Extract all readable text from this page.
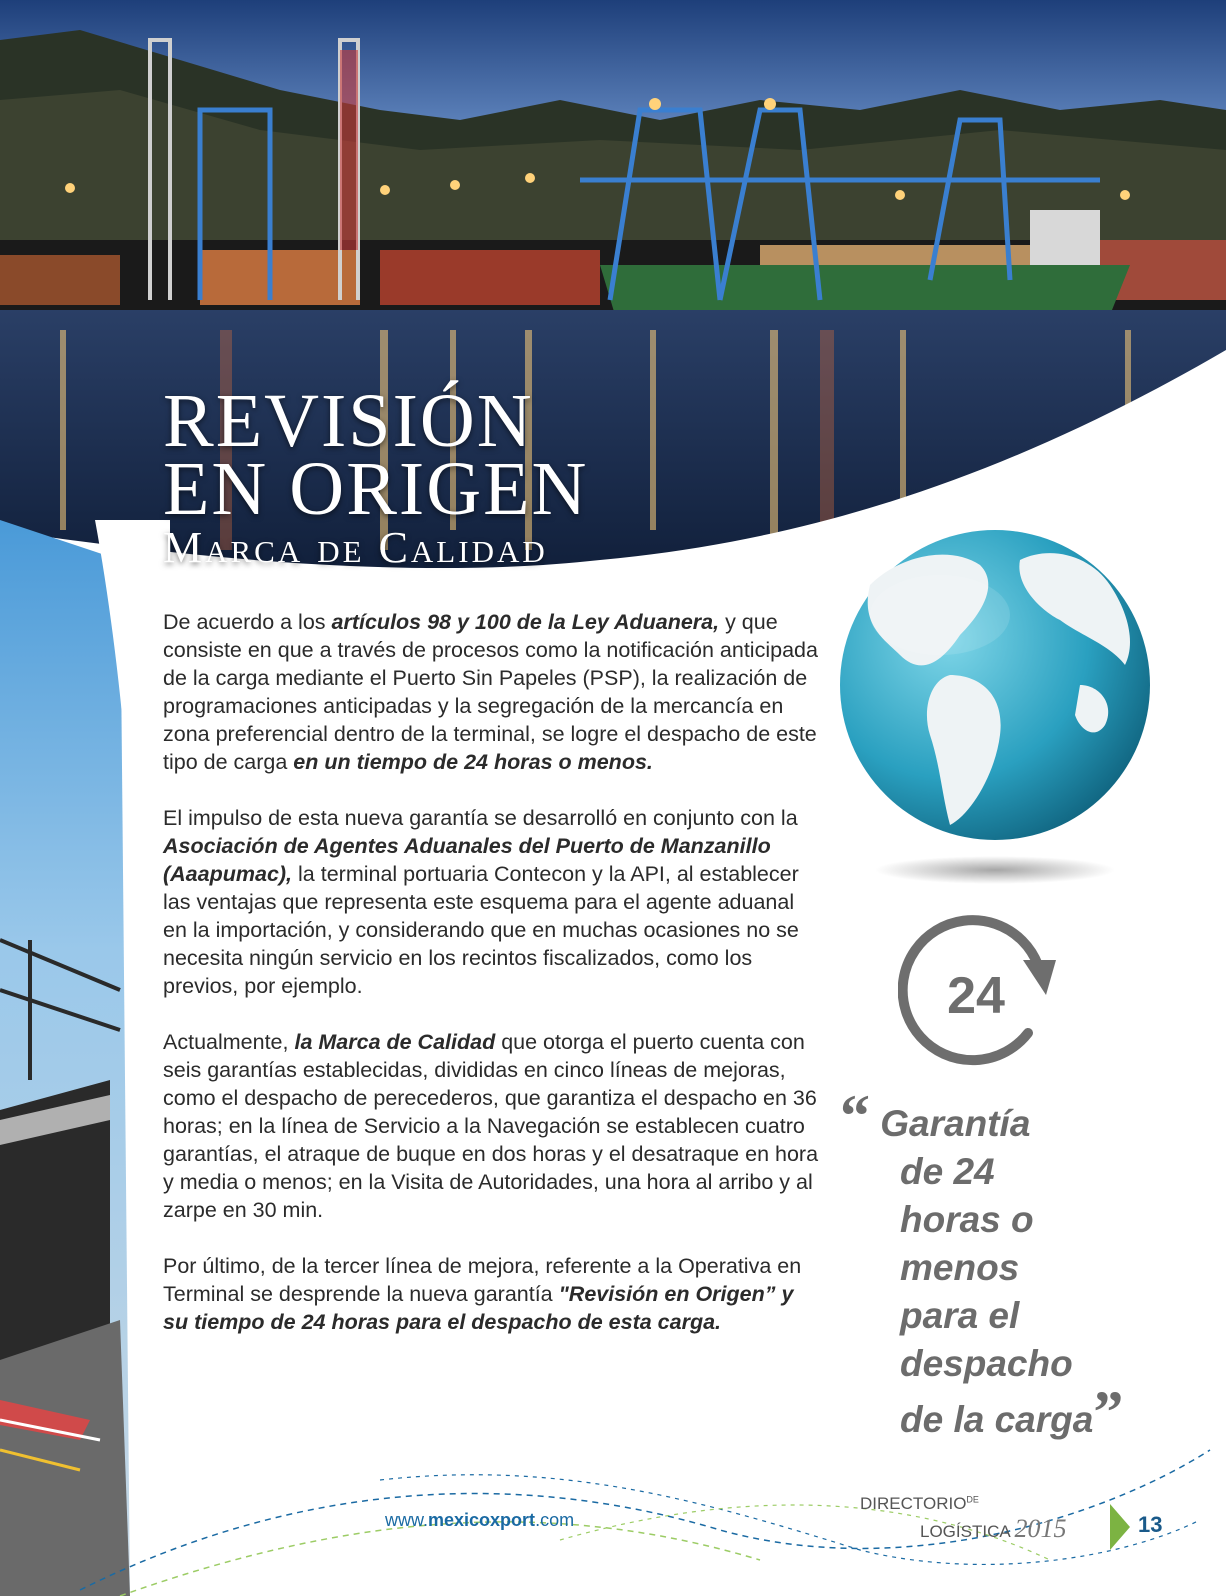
REVISIÓN
EN ORIGEN
Marca de Calidad

De acuerdo a los artículos 98 y 100 de la Ley Aduanera, y que consiste en que a través de procesos como la notificación anticipada de la carga mediante el Puerto Sin Papeles (PSP), la realización de programaciones anticipadas y la segregación de la mercancía en zona preferencial dentro de la terminal, se logre el despacho de este tipo de carga en un tiempo de 24 horas o menos.

El impulso de esta nueva garantía se desarrolló en conjunto con la Asociación de Agentes Aduanales del Puerto de Manzanillo (Aaapumac), la terminal portuaria Contecon y la API, al establecer las ventajas que representa este esquema para el agente aduanal en la importación, y considerando que en muchas ocasiones no se necesita ningún servicio en los recintos fiscalizados, como los previos, por ejemplo.

Actualmente, la Marca de Calidad que otorga el puerto cuenta con seis garantías establecidas, divididas en cinco líneas de mejoras, como el despacho de perecederos, que garantiza el despacho en 36 horas; en la línea de Servicio a la Navegación se establecen cuatro garantías, el atraque de buque en dos horas y el desatraque en hora y media o menos; en la Visita de Autoridades, una hora al arribo y al zarpe en 30 min.

Por último, de la tercer línea de mejora, referente a la Operativa en Terminal se desprende la nueva garantía "Revisión en Origen” y su tiempo de 24 horas para el despacho de esta carga.

24
“ Garantía
de 24
horas o
menos
para el
despacho
de la carga”
www.mexicoxport.com
$DIRECTORIO^{DE}$
LOGÍSTICA 2015	13
